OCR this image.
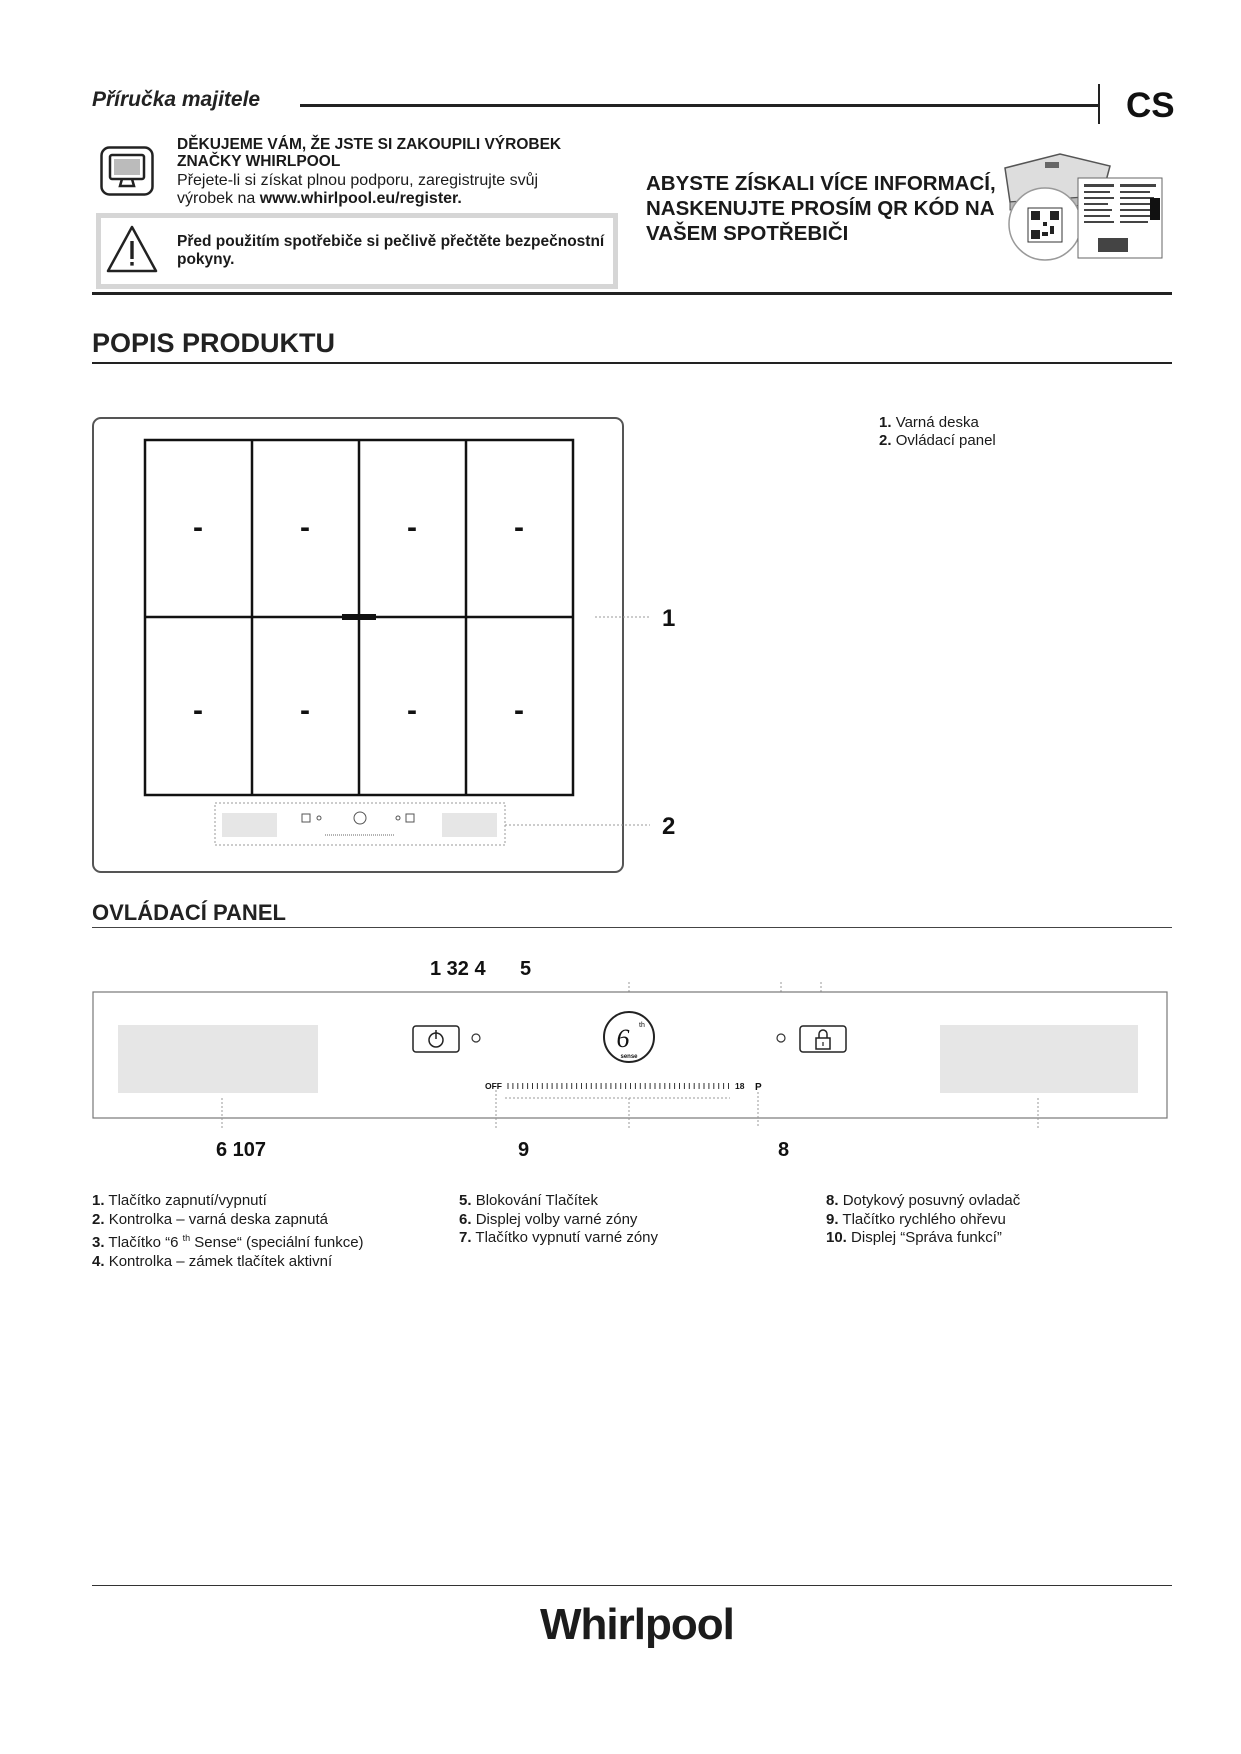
Příručka majitele	CS
DĚKUJEME VÁM, ŽE JSTE SI ZAKOUPILI VÝROBEK
ZNAČKY WHIRLPOOL
Přejete-li si získat plnou podporu, zaregistrujte svůj
výrobek na www.whirlpool.eu/register.
Před použitím spotřebiče si pečlivě přečtěte bezpečnostní
pokyny.
ABYSTE ZÍSKALI VÍCE INFORMACÍ,
NASKENUJTE PROSÍM QR KÓD NA
VAŠEM SPOTŘEBIČI
POPIS PRODUKTU
1. Varná deska
2. Ovládací panel
-	-	-	-
-	-	-	-
1
2
OVLÁDACÍ PANEL
1 32 4 5
6 th
sense
OFF	18 P
6 107	9	8
1. Tlačítko zapnutí/vypnutí
2. Kontrolka – varná deska zapnutá
3. Tlačítko “6 $^{th}$ Sense“ (speciální funkce)
4. Kontrolka – zámek tlačítek aktivní
5. Blokování Tlačítek
6. Displej volby varné zóny
7. Tlačítko vypnutí varné zóny
8. Dotykový posuvný ovladač
9. Tlačítko rychlého ohřevu
10. Displej “Správa funkcí”
Whirlpool
